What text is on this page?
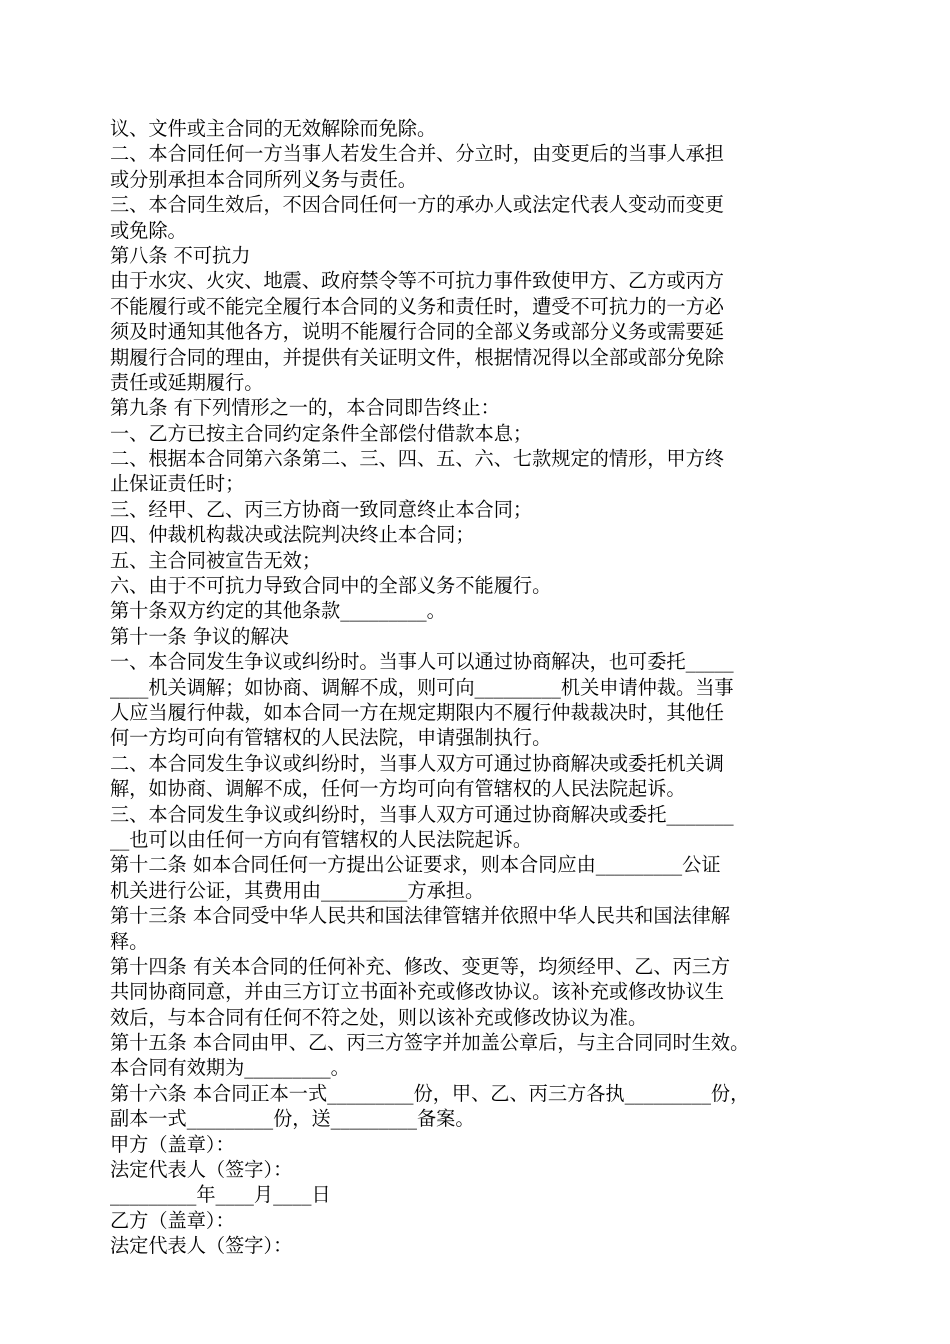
议、文件或主合同的无效解除而免除。
二、本合同任何一方当事人若发生合并、分立时，由变更后的当事人承担
或分别承担本合同所列义务与责任。
三、本合同生效后，不因合同任何一方的承办人或法定代表人变动而变更
或免除。
第八条 不可抗力
由于水灾、火灾、地震、政府禁令等不可抗力事件致使甲方、乙方或丙方
不能履行或不能完全履行本合同的义务和责任时，遭受不可抗力的一方必
须及时通知其他各方，说明不能履行合同的全部义务或部分义务或需要延
期履行合同的理由，并提供有关证明文件，根据情况得以全部或部分免除
责任或延期履行。
第九条 有下列情形之一的，本合同即告终止：
一、乙方已按主合同约定条件全部偿付借款本息；
二、根据本合同第六条第二、三、四、五、六、七款规定的情形，甲方终
止保证责任时；
三、经甲、乙、丙三方协商一致同意终止本合同；
四、仲裁机构裁决或法院判决终止本合同；
五、主合同被宣告无效；
六、由于不可抗力导致合同中的全部义务不能履行。
第十条双方约定的其他条款_________。
第十一条 争议的解决
一、本合同发生争议或纠纷时。当事人可以通过协商解决，也可委托_____
____机关调解；如协商、调解不成，则可向_________机关申请仲裁。当事
人应当履行仲裁，如本合同一方在规定期限内不履行仲裁裁决时，其他任
何一方均可向有管辖权的人民法院，申请强制执行。
二、本合同发生争议或纠纷时，当事人双方可通过协商解决或委托机关调
解，如协商、调解不成，任何一方均可向有管辖权的人民法院起诉。
三、本合同发生争议或纠纷时，当事人双方可通过协商解决或委托_______
__也可以由任何一方向有管辖权的人民法院起诉。
第十二条 如本合同任何一方提出公证要求，则本合同应由_________公证
机关进行公证，其费用由_________方承担。
第十三条 本合同受中华人民共和国法律管辖并依照中华人民共和国法律解
释。
第十四条 有关本合同的任何补充、修改、变更等，均须经甲、乙、丙三方
共同协商同意，并由三方订立书面补充或修改协议。该补充或修改协议生
效后，与本合同有任何不符之处，则以该补充或修改协议为准。
第十五条 本合同由甲、乙、丙三方签字并加盖公章后，与主合同同时生效。
本合同有效期为_________。
第十六条 本合同正本一式_________份，甲、乙、丙三方各执_________份，
副本一式_________份，送_________备案。
甲方（盖章）：
法定代表人（签字）：
_________年____月____日
乙方（盖章）：
法定代表人（签字）：
